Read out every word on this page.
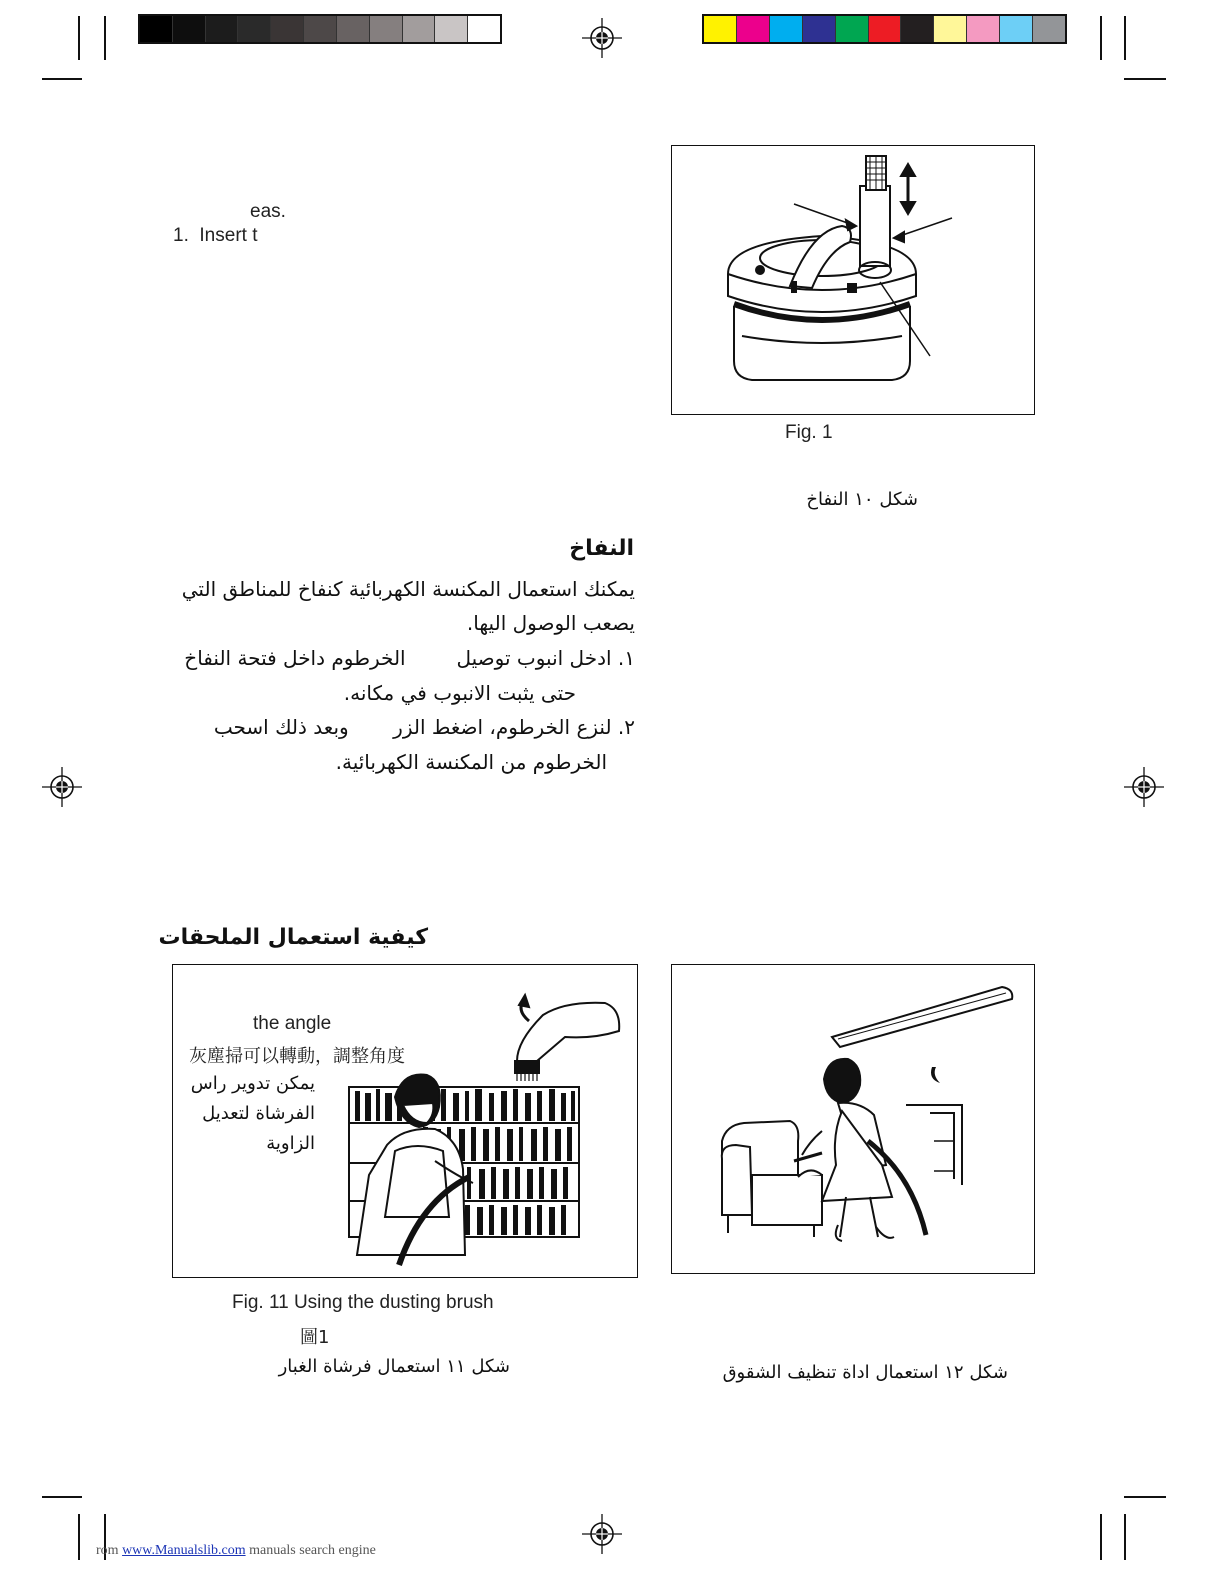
eas.
1.  Insert t
Fig. 1
شكل ١٠ النفاخ
النفاخ
يمكنك استعمال المكنسة الكهربائية كنفاخ للمناطق التي
يصعب الوصول اليها.
١. ادخل انبوب توصيل        الخرطوم داخل فتحة النفاخ
حتى يثبت الانبوب في مكانه.
٢. لنزع الخرطوم، اضغط الزر       وبعد ذلك اسحب
الخرطوم من المكنسة الكهربائية.
كيفية استعمال الملحقات
the angle
灰塵掃可以轉動，調整角度
يمكن تدوير راس
الفرشاة لتعديل
الزاوية
Fig. 11 Using the dusting brush
圖1
شكل ١١ استعمال فرشاة الغبار	شكل ١٢ استعمال اداة تنظيف الشقوق
rom www.Manualslib.com manuals search engine
